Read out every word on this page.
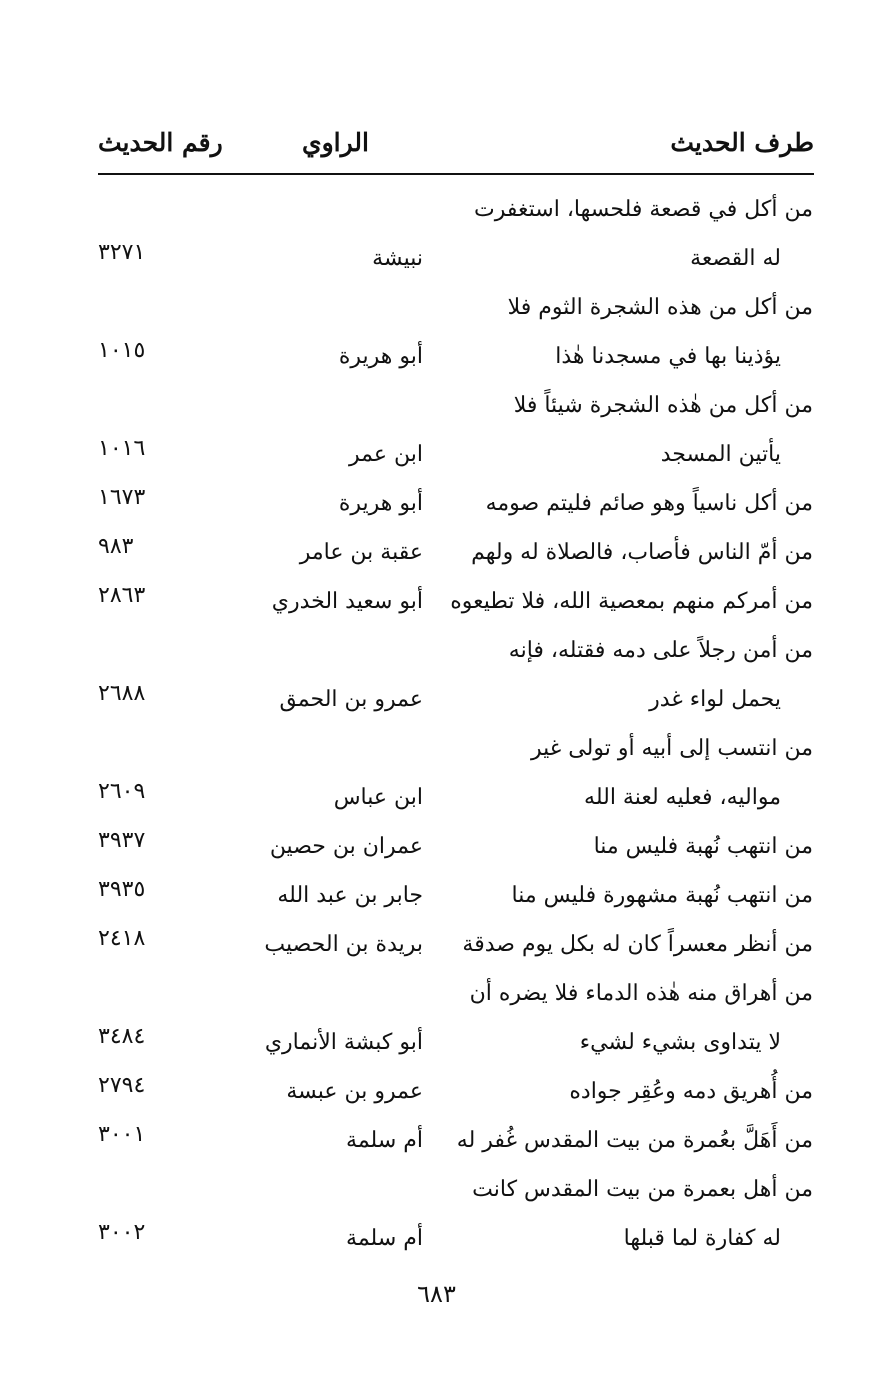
طرف الحديث
الراوي
رقم الحديث
من أكل في قصعة فلحسها، استغفرت
له القصعة
نبيشة
٣٢٧١
من أكل من هذه الشجرة الثوم فلا
يؤذينا بها في مسجدنا هٰذا
أبو هريرة
١٠١٥
من أكل من هٰذه الشجرة شيئاً فلا
يأتين المسجد
ابن عمر
١٠١٦
من أكل ناسياً وهو صائم فليتم صومه
أبو هريرة
١٦٧٣
من أمّ الناس فأصاب، فالصلاة له ولهم
عقبة بن عامر
٩٨٣
من أمركم منهم بمعصية الله، فلا تطيعوه
أبو سعيد الخدري
٢٨٦٣
من أمن رجلاً على دمه فقتله، فإنه
يحمل لواء غدر
عمرو بن الحمق
٢٦٨٨
من انتسب إلى أبيه أو تولى غير
مواليه، فعليه لعنة الله
ابن عباس
٢٦٠٩
من انتهب نُهبة فليس منا
عمران بن حصين
٣٩٣٧
من انتهب نُهبة مشهورة فليس منا
جابر بن عبد الله
٣٩٣٥
من أنظر معسراً كان له بكل يوم صدقة
بريدة بن الحصيب
٢٤١٨
من أهراق منه هٰذه الدماء فلا يضره أن
لا يتداوى بشيء لشيء
أبو كبشة الأنماري
٣٤٨٤
من أُهريق دمه وعُقِر جواده
عمرو بن عبسة
٢٧٩٤
من أَهَلَّ بعُمرة من بيت المقدس غُفر له
أم سلمة
٣٠٠١
من أهل بعمرة من بيت المقدس كانت
له كفارة لما قبلها
أم سلمة
٣٠٠٢
٦٨٣
